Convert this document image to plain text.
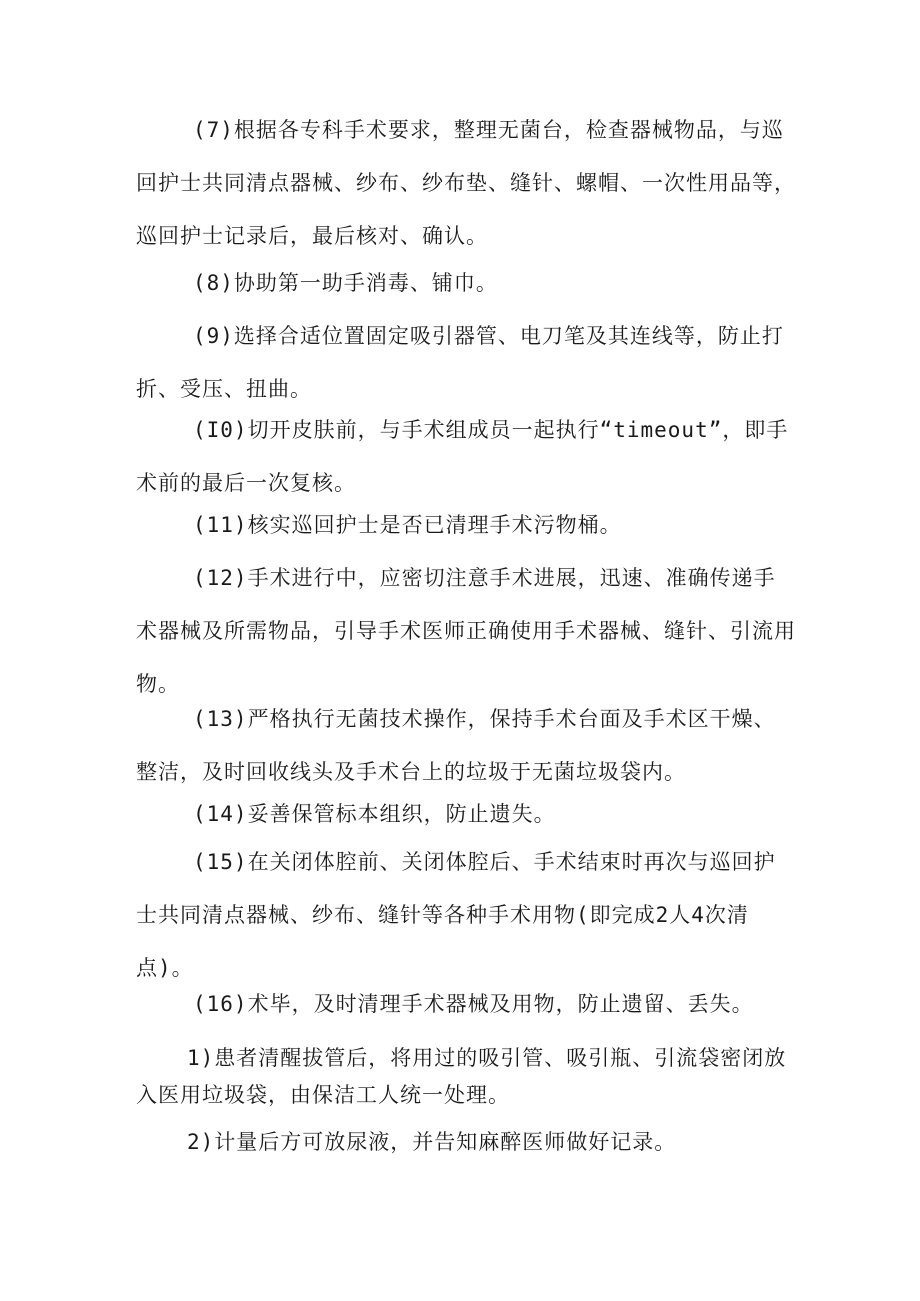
(7)根据各专科手术要求，整理无菌台，检查器械物品，与巡回护士共同清点器械、纱布、纱布垫、缝针、螺帽、一次性用品等，巡回护士记录后，最后核对、确认。

(8)协助第一助手消毒、铺巾。

(9)选择合适位置固定吸引器管、电刀笔及其连线等，防止打折、受压、扭曲。

(I0)切开皮肤前，与手术组成员一起执行“timeout”，即手术前的最后一次复核。

(11)核实巡回护士是否已清理手术污物桶。

(12)手术进行中，应密切注意手术进展，迅速、准确传递手术器械及所需物品，引导手术医师正确使用手术器械、缝针、引流用物。

(13)严格执行无菌技术操作，保持手术台面及手术区干燥、整洁，及时回收线头及手术台上的垃圾于无菌垃圾袋内。

(14)妥善保管标本组织，防止遗失。

(15)在关闭体腔前、关闭体腔后、手术结束时再次与巡回护士共同清点器械、纱布、缝针等各种手术用物(即完成2人4次清点)。

(16)术毕，及时清理手术器械及用物，防止遗留、丢失。

1)患者清醒拔管后，将用过的吸引管、吸引瓶、引流袋密闭放入医用垃圾袋，由保洁工人统一处理。

2)计量后方可放尿液，并告知麻醉医师做好记录。
